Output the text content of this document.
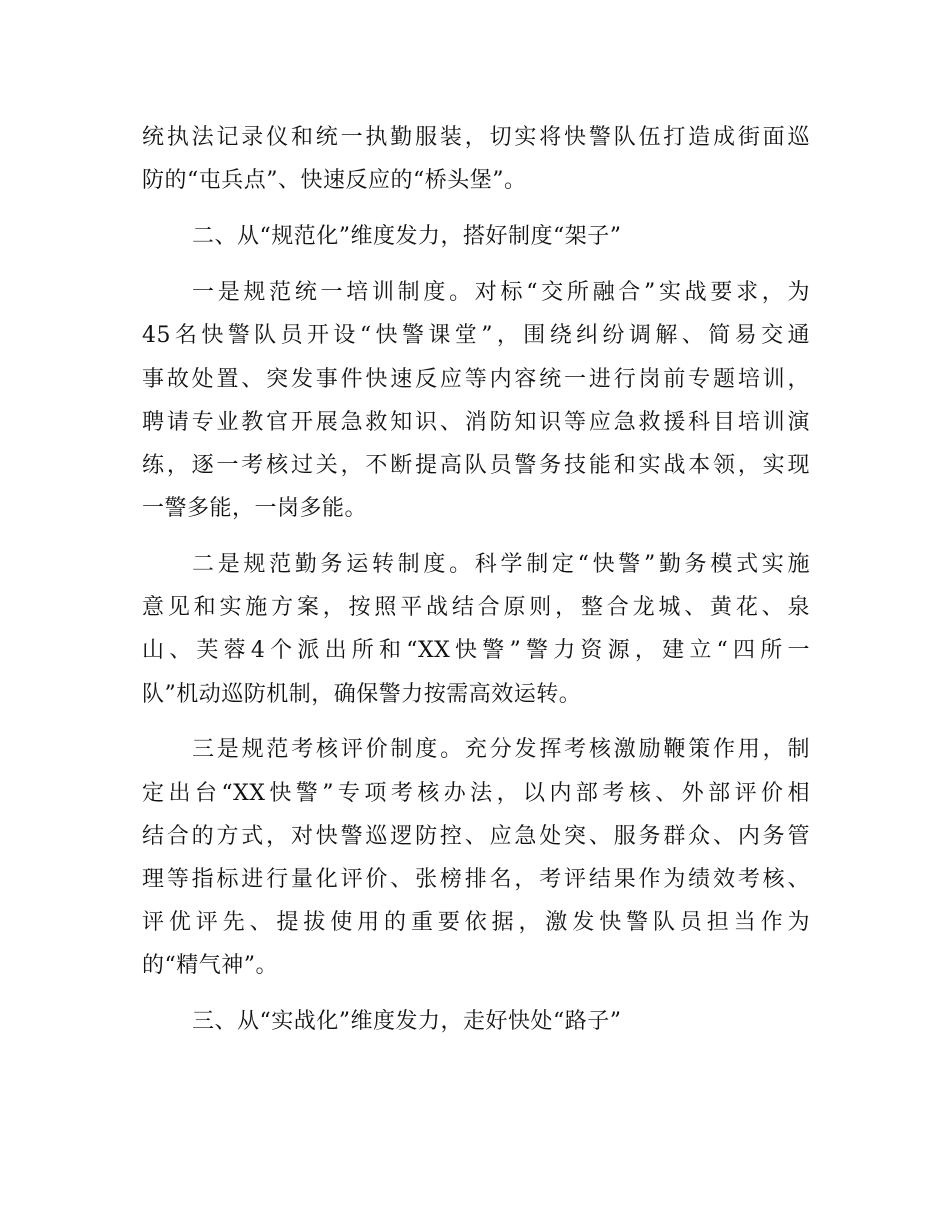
统执法记录仪和统一执勤服装，切实将快警队伍打造成街面巡
防的“屯兵点”、快速反应的“桥头堡”。
二、从“规范化”维度发力，搭好制度“架子”
一是规范统一培训制度。对标“交所融合”实战要求，为
45名快警队员开设“快警课堂”，围绕纠纷调解、简易交通
事故处置、突发事件快速反应等内容统一进行岗前专题培训，
聘请专业教官开展急救知识、消防知识等应急救援科目培训演
练，逐一考核过关，不断提高队员警务技能和实战本领，实现
一警多能，一岗多能。
二是规范勤务运转制度。科学制定“快警”勤务模式实施
意见和实施方案，按照平战结合原则，整合龙城、黄花、泉
山、芙蓉4个派出所和“XX快警”警力资源，建立“四所一
队”机动巡防机制，确保警力按需高效运转。
三是规范考核评价制度。充分发挥考核激励鞭策作用，制
定出台“XX快警”专项考核办法，以内部考核、外部评价相
结合的方式，对快警巡逻防控、应急处突、服务群众、内务管
理等指标进行量化评价、张榜排名，考评结果作为绩效考核、
评优评先、提拔使用的重要依据，激发快警队员担当作为
的“精气神”。
三、从“实战化”维度发力，走好快处“路子”
